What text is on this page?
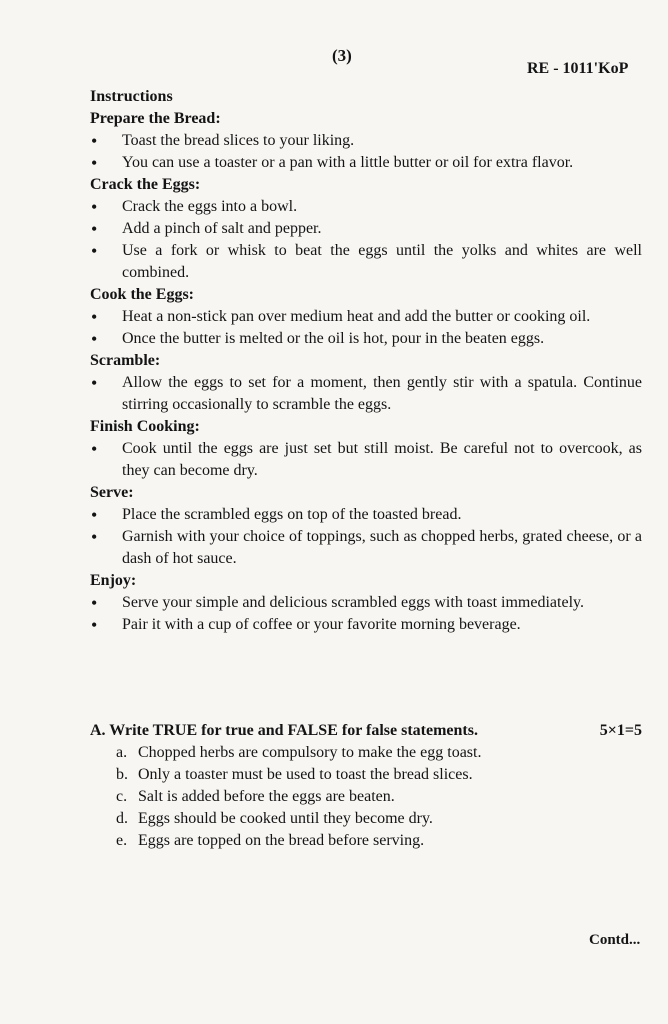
(3)
RE - 1011'KoP
Instructions
Prepare the Bread:
• Toast the bread slices to your liking.
• You can use a toaster or a pan with a little butter or oil for extra flavor.
Crack the Eggs:
• Crack the eggs into a bowl.
• Add a pinch of salt and pepper.
• Use a fork or whisk to beat the eggs until the yolks and whites are well combined.
Cook the Eggs:
• Heat a non-stick pan over medium heat and add the butter or cooking oil.
• Once the butter is melted or the oil is hot, pour in the beaten eggs.
Scramble:
• Allow the eggs to set for a moment, then gently stir with a spatula. Continue stirring occasionally to scramble the eggs.
Finish Cooking:
• Cook until the eggs are just set but still moist. Be careful not to overcook, as they can become dry.
Serve:
• Place the scrambled eggs on top of the toasted bread.
• Garnish with your choice of toppings, such as chopped herbs, grated cheese, or a dash of hot sauce.
Enjoy:
• Serve your simple and delicious scrambled eggs with toast immediately.
• Pair it with a cup of coffee or your favorite morning beverage.
A. Write TRUE for true and FALSE for false statements.	5×1=5
a. Chopped herbs are compulsory to make the egg toast.
b. Only a toaster must be used to toast the bread slices.
c. Salt is added before the eggs are beaten.
d. Eggs should be cooked until they become dry.
e. Eggs are topped on the bread before serving.
Contd...
